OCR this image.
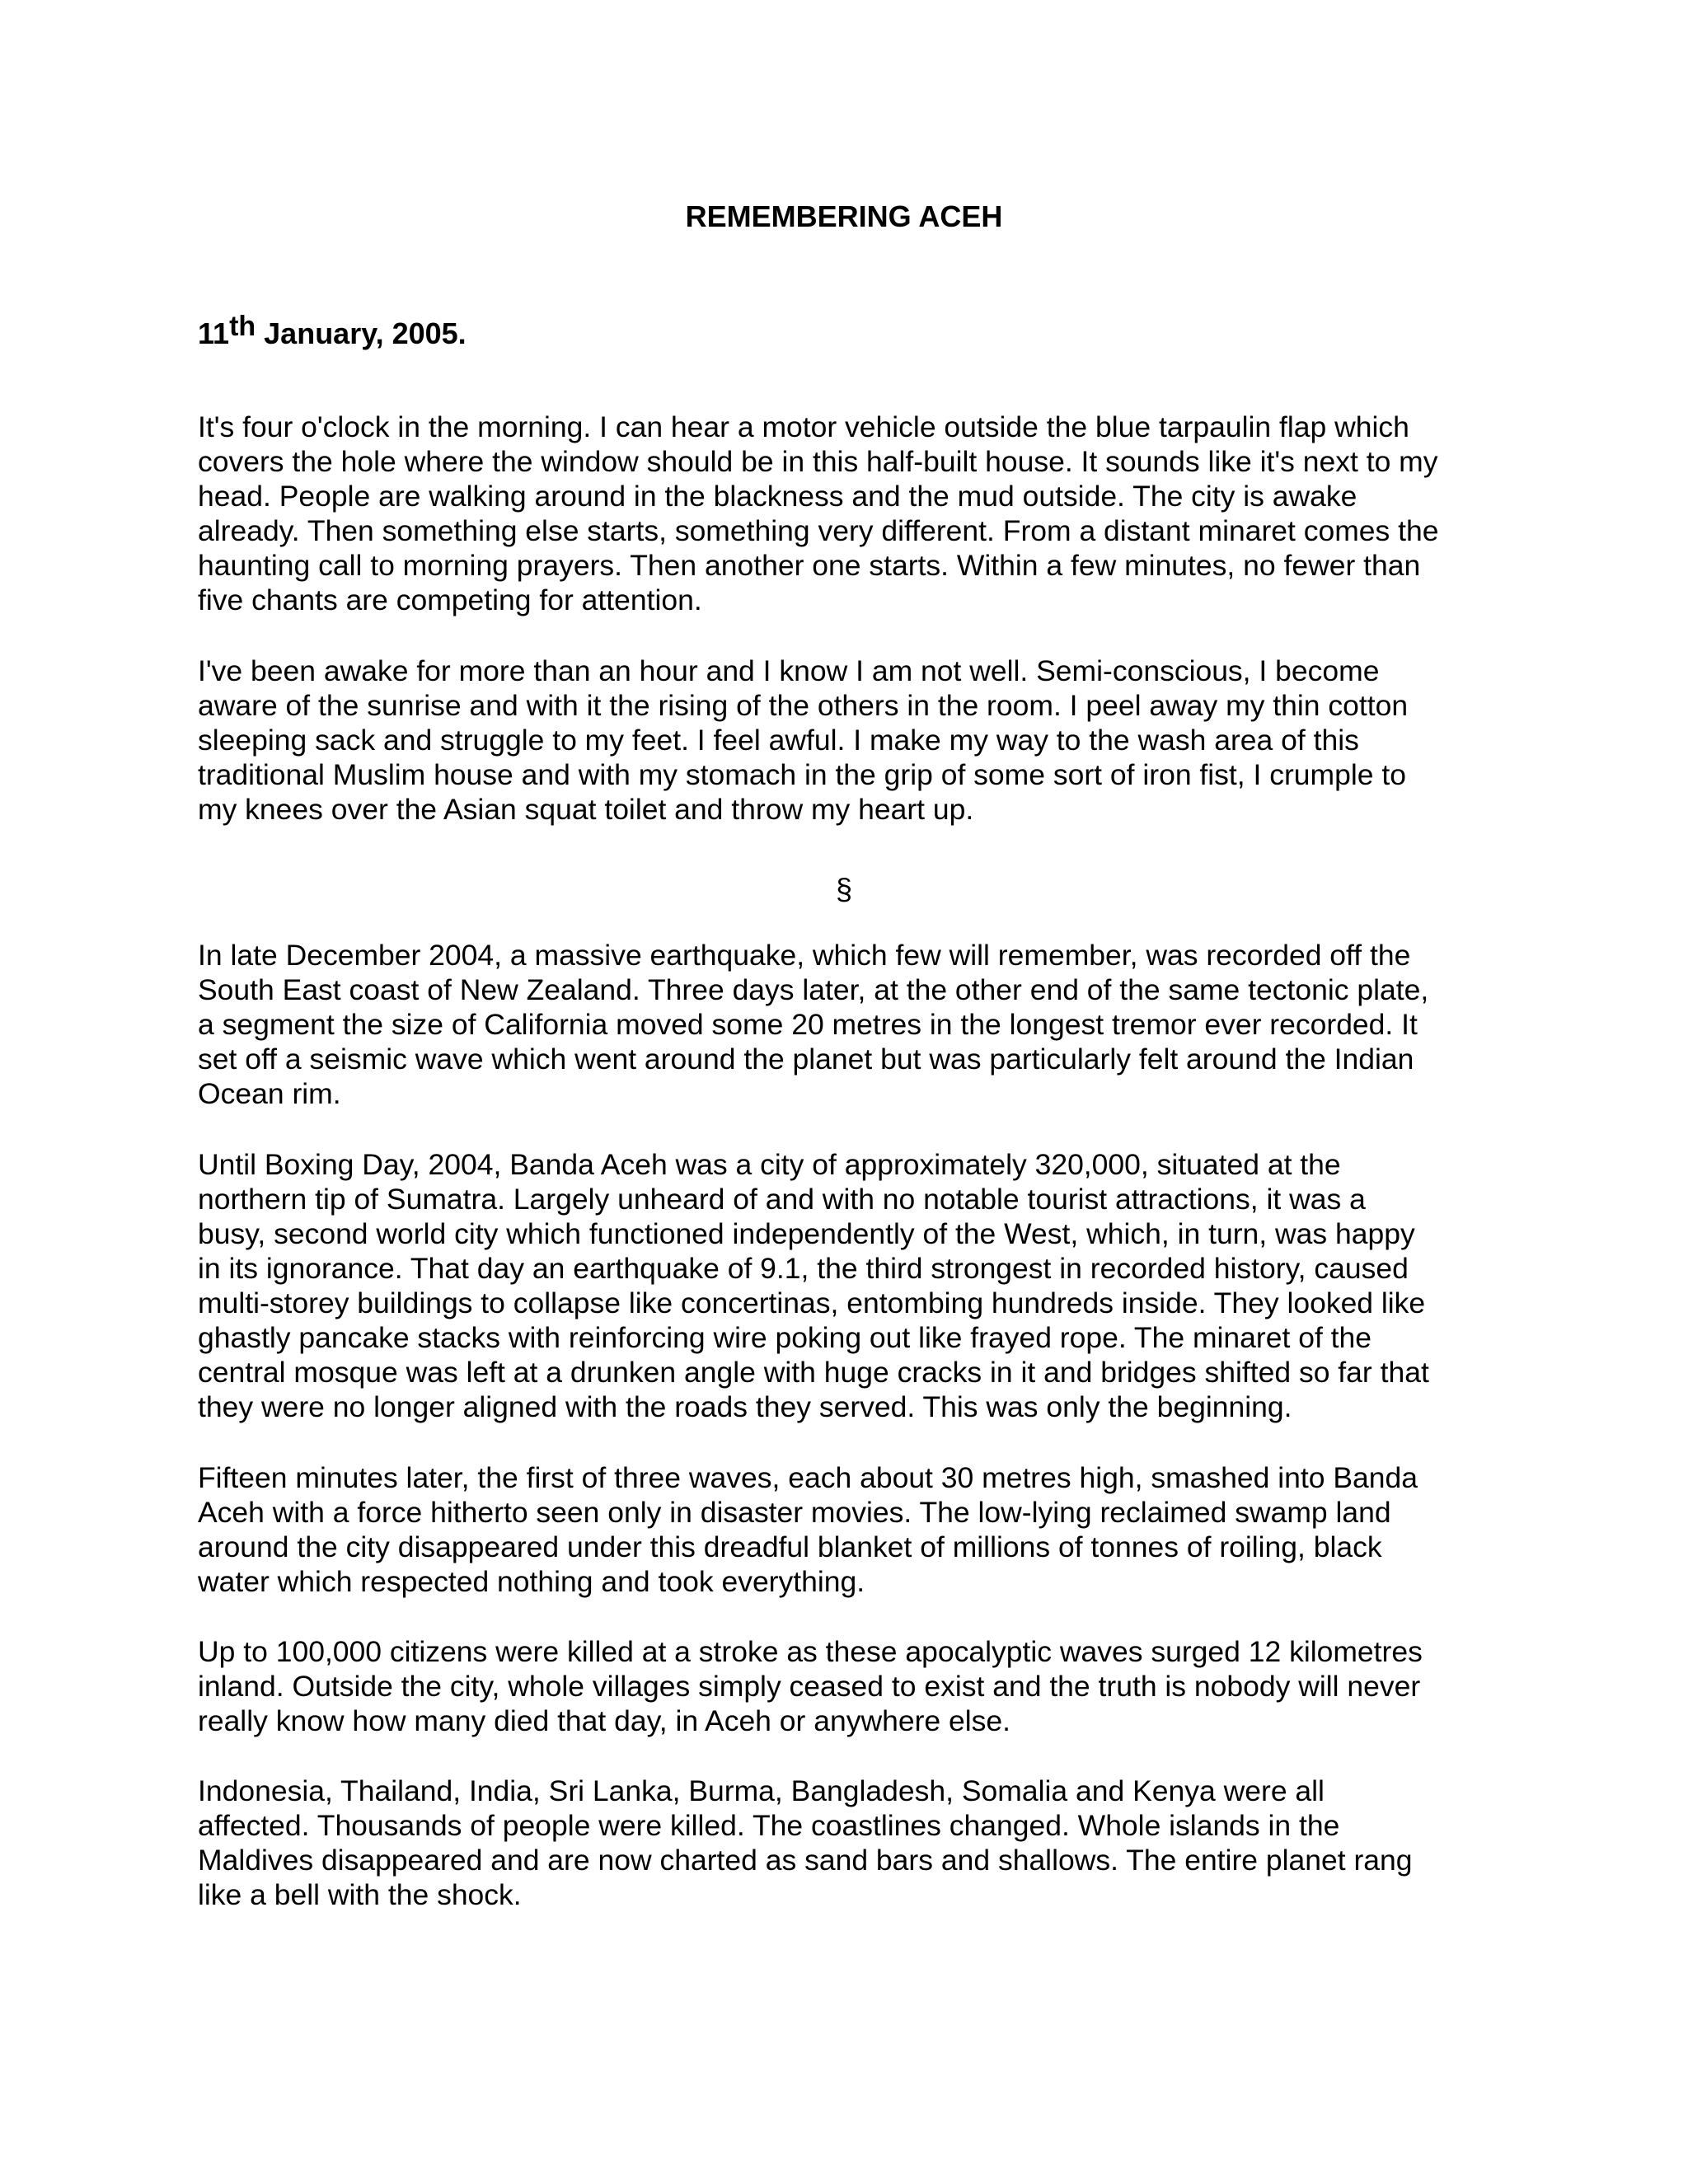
REMEMBERING ACEH

11th January, 2005.

It's four o'clock in the morning. I can hear a motor vehicle outside the blue tarpaulin flap which
covers the hole where the window should be in this half-built house. It sounds like it's next to my
head. People are walking around in the blackness and the mud outside. The city is awake
already. Then something else starts, something very different. From a distant minaret comes the
haunting call to morning prayers. Then another one starts. Within a few minutes, no fewer than
five chants are competing for attention.

I've been awake for more than an hour and I know I am not well. Semi-conscious, I become
aware of the sunrise and with it the rising of the others in the room. I peel away my thin cotton
sleeping sack and struggle to my feet. I feel awful. I make my way to the wash area of this
traditional Muslim house and with my stomach in the grip of some sort of iron fist, I crumple to
my knees over the Asian squat toilet and throw my heart up.

§

In late December 2004, a massive earthquake, which few will remember, was recorded off the
South East coast of New Zealand. Three days later, at the other end of the same tectonic plate,
a segment the size of California moved some 20 metres in the longest tremor ever recorded. It
set off a seismic wave which went around the planet but was particularly felt around the Indian
Ocean rim.

Until Boxing Day, 2004, Banda Aceh was a city of approximately 320,000, situated at the
northern tip of Sumatra. Largely unheard of and with no notable tourist attractions, it was a
busy, second world city which functioned independently of the West, which, in turn, was happy
in its ignorance. That day an earthquake of 9.1, the third strongest in recorded history, caused
multi-storey buildings to collapse like concertinas, entombing hundreds inside. They looked like
ghastly pancake stacks with reinforcing wire poking out like frayed rope. The minaret of the
central mosque was left at a drunken angle with huge cracks in it and bridges shifted so far that
they were no longer aligned with the roads they served. This was only the beginning.

Fifteen minutes later, the first of three waves, each about 30 metres high, smashed into Banda
Aceh with a force hitherto seen only in disaster movies. The low-lying reclaimed swamp land
around the city disappeared under this dreadful blanket of millions of tonnes of roiling, black
water which respected nothing and took everything.

Up to 100,000 citizens were killed at a stroke as these apocalyptic waves surged 12 kilometres
inland. Outside the city, whole villages simply ceased to exist and the truth is nobody will never
really know how many died that day, in Aceh or anywhere else.

Indonesia, Thailand, India, Sri Lanka, Burma, Bangladesh, Somalia and Kenya were all
affected. Thousands of people were killed. The coastlines changed. Whole islands in the
Maldives disappeared and are now charted as sand bars and shallows. The entire planet rang
like a bell with the shock.
